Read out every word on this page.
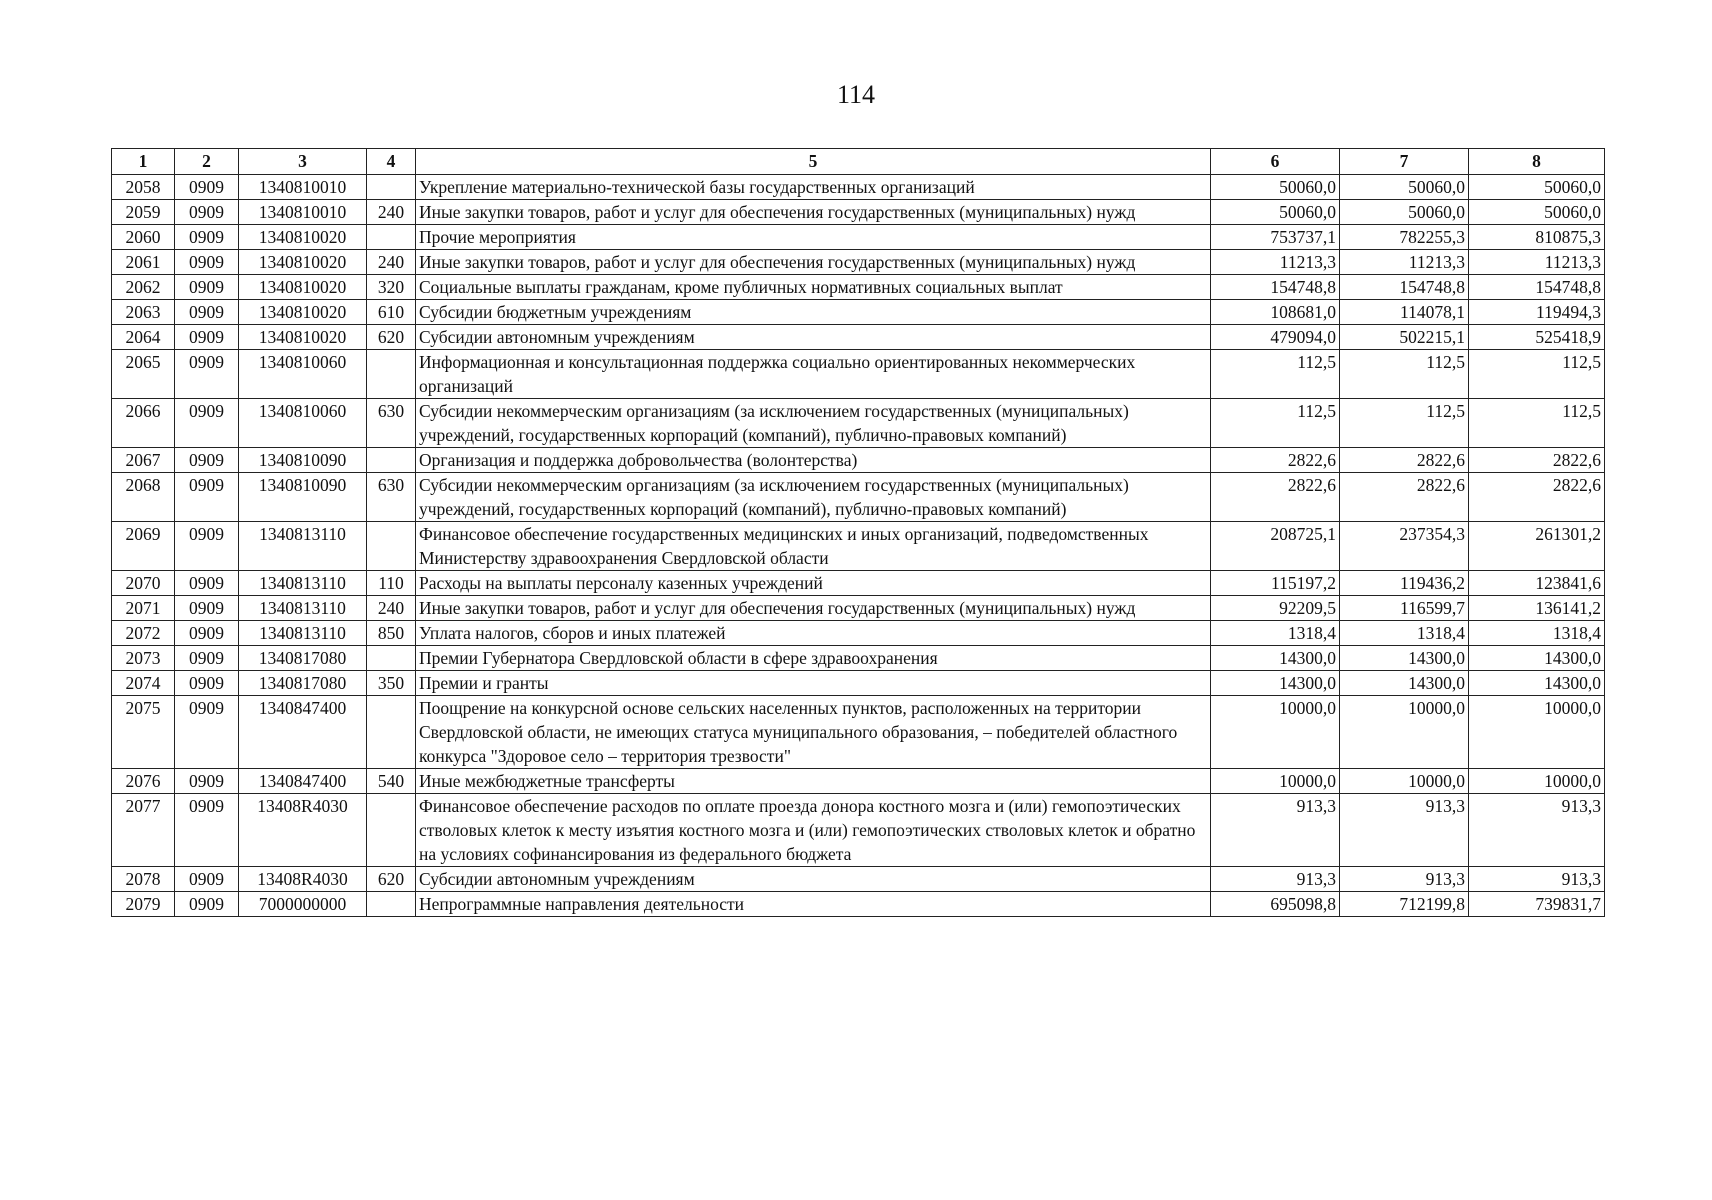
114
1	2	3	4	5	6	7	8
2058	0909	1340810010		Укрепление материально-технической базы государственных организаций	50060,0	50060,0	50060,0
2059	0909	1340810010	240	Иные закупки товаров, работ и услуг для обеспечения государственных (муниципальных) нужд	50060,0	50060,0	50060,0
2060	0909	1340810020		Прочие мероприятия	753737,1	782255,3	810875,3
2061	0909	1340810020	240	Иные закупки товаров, работ и услуг для обеспечения государственных (муниципальных) нужд	11213,3	11213,3	11213,3
2062	0909	1340810020	320	Социальные выплаты гражданам, кроме публичных нормативных социальных выплат	154748,8	154748,8	154748,8
2063	0909	1340810020	610	Субсидии бюджетным учреждениям	108681,0	114078,1	119494,3
2064	0909	1340810020	620	Субсидии автономным учреждениям	479094,0	502215,1	525418,9
2065	0909	1340810060		Информационная и консультационная поддержка социально ориентированных некоммерческих организаций	112,5	112,5	112,5
2066	0909	1340810060	630	Субсидии некоммерческим организациям (за исключением государственных (муниципальных) учреждений, государственных корпораций (компаний), публично-правовых компаний)	112,5	112,5	112,5
2067	0909	1340810090		Организация и поддержка добровольчества (волонтерства)	2822,6	2822,6	2822,6
2068	0909	1340810090	630	Субсидии некоммерческим организациям (за исключением государственных (муниципальных) учреждений, государственных корпораций (компаний), публично-правовых компаний)	2822,6	2822,6	2822,6
2069	0909	1340813110		Финансовое обеспечение государственных медицинских и иных организаций, подведомственных Министерству здравоохранения Свердловской области	208725,1	237354,3	261301,2
2070	0909	1340813110	110	Расходы на выплаты персоналу казенных учреждений	115197,2	119436,2	123841,6
2071	0909	1340813110	240	Иные закупки товаров, работ и услуг для обеспечения государственных (муниципальных) нужд	92209,5	116599,7	136141,2
2072	0909	1340813110	850	Уплата налогов, сборов и иных платежей	1318,4	1318,4	1318,4
2073	0909	1340817080		Премии Губернатора Свердловской области в сфере здравоохранения	14300,0	14300,0	14300,0
2074	0909	1340817080	350	Премии и гранты	14300,0	14300,0	14300,0
2075	0909	1340847400		Поощрение на конкурсной основе сельских населенных пунктов, расположенных на территории Свердловской области, не имеющих статуса муниципального образования, – победителей областного конкурса "Здоровое село – территория трезвости"	10000,0	10000,0	10000,0
2076	0909	1340847400	540	Иные межбюджетные трансферты	10000,0	10000,0	10000,0
2077	0909	13408R4030		Финансовое обеспечение расходов по оплате проезда донора костного мозга и (или) гемопоэтических стволовых клеток к месту изъятия костного мозга и (или) гемопоэтических стволовых клеток и обратно на условиях софинансирования из федерального бюджета	913,3	913,3	913,3
2078	0909	13408R4030	620	Субсидии автономным учреждениям	913,3	913,3	913,3
2079	0909	7000000000		Непрограммные направления деятельности	695098,8	712199,8	739831,7
